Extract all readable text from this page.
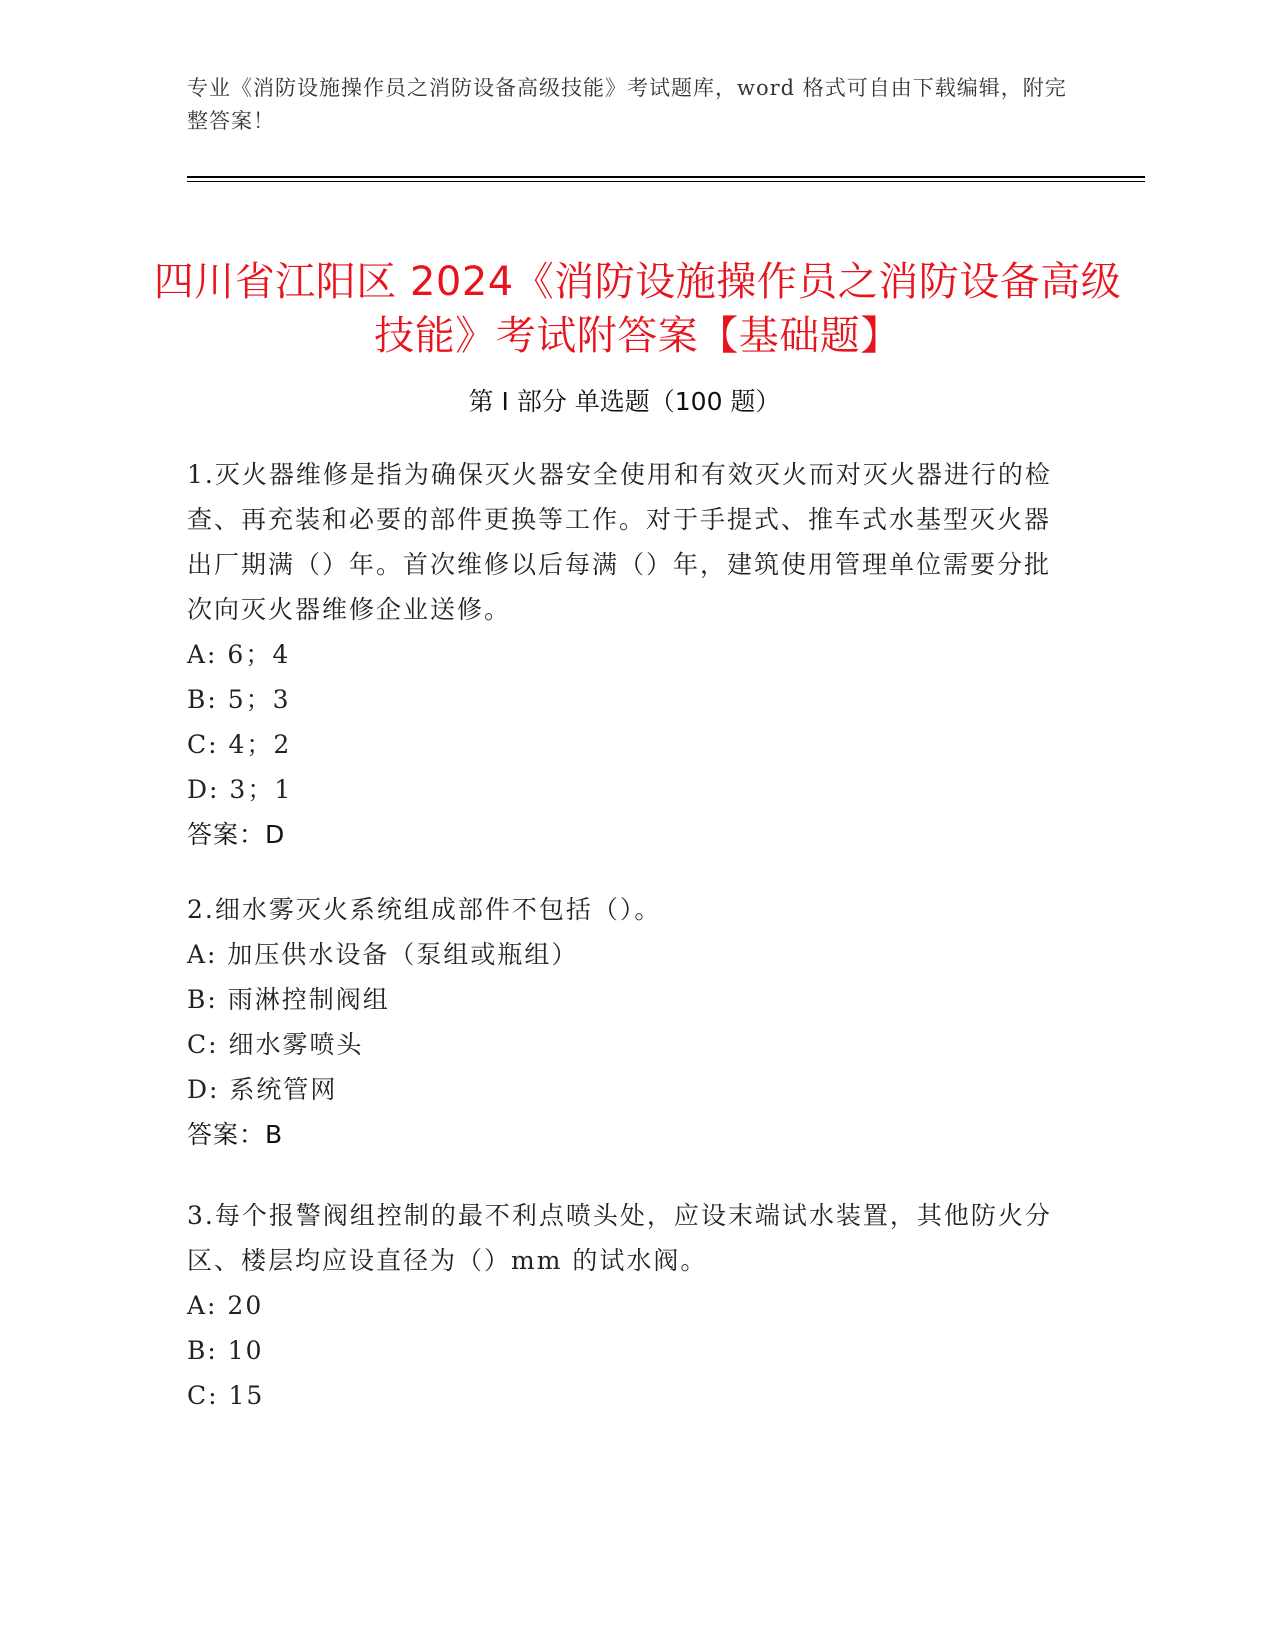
专业《消防设施操作员之消防设备高级技能》考试题库，word 格式可自由下载编辑，附完整答案！
四川省江阳区 2024《消防设施操作员之消防设备高级技能》考试附答案【基础题】
第 I 部分 单选题（100 题）

1.灭火器维修是指为确保灭火器安全使用和有效灭火而对灭火器进行的检查、再充装和必要的部件更换等工作。对于手提式、推车式水基型灭火器出厂期满（）年。首次维修以后每满（）年，建筑使用管理单位需要分批次向灭火器维修企业送修。

A: 6；4

B: 5；3

C: 4；2

D: 3；1

答案：D

2.细水雾灭火系统组成部件不包括（）。

A: 加压供水设备（泵组或瓶组）

B: 雨淋控制阀组

C: 细水雾喷头

D: 系统管网

答案：B

3.每个报警阀组控制的最不利点喷头处，应设末端试水装置，其他防火分区、楼层均应设直径为（）mm 的试水阀。

A: 20

B: 10

C: 15
